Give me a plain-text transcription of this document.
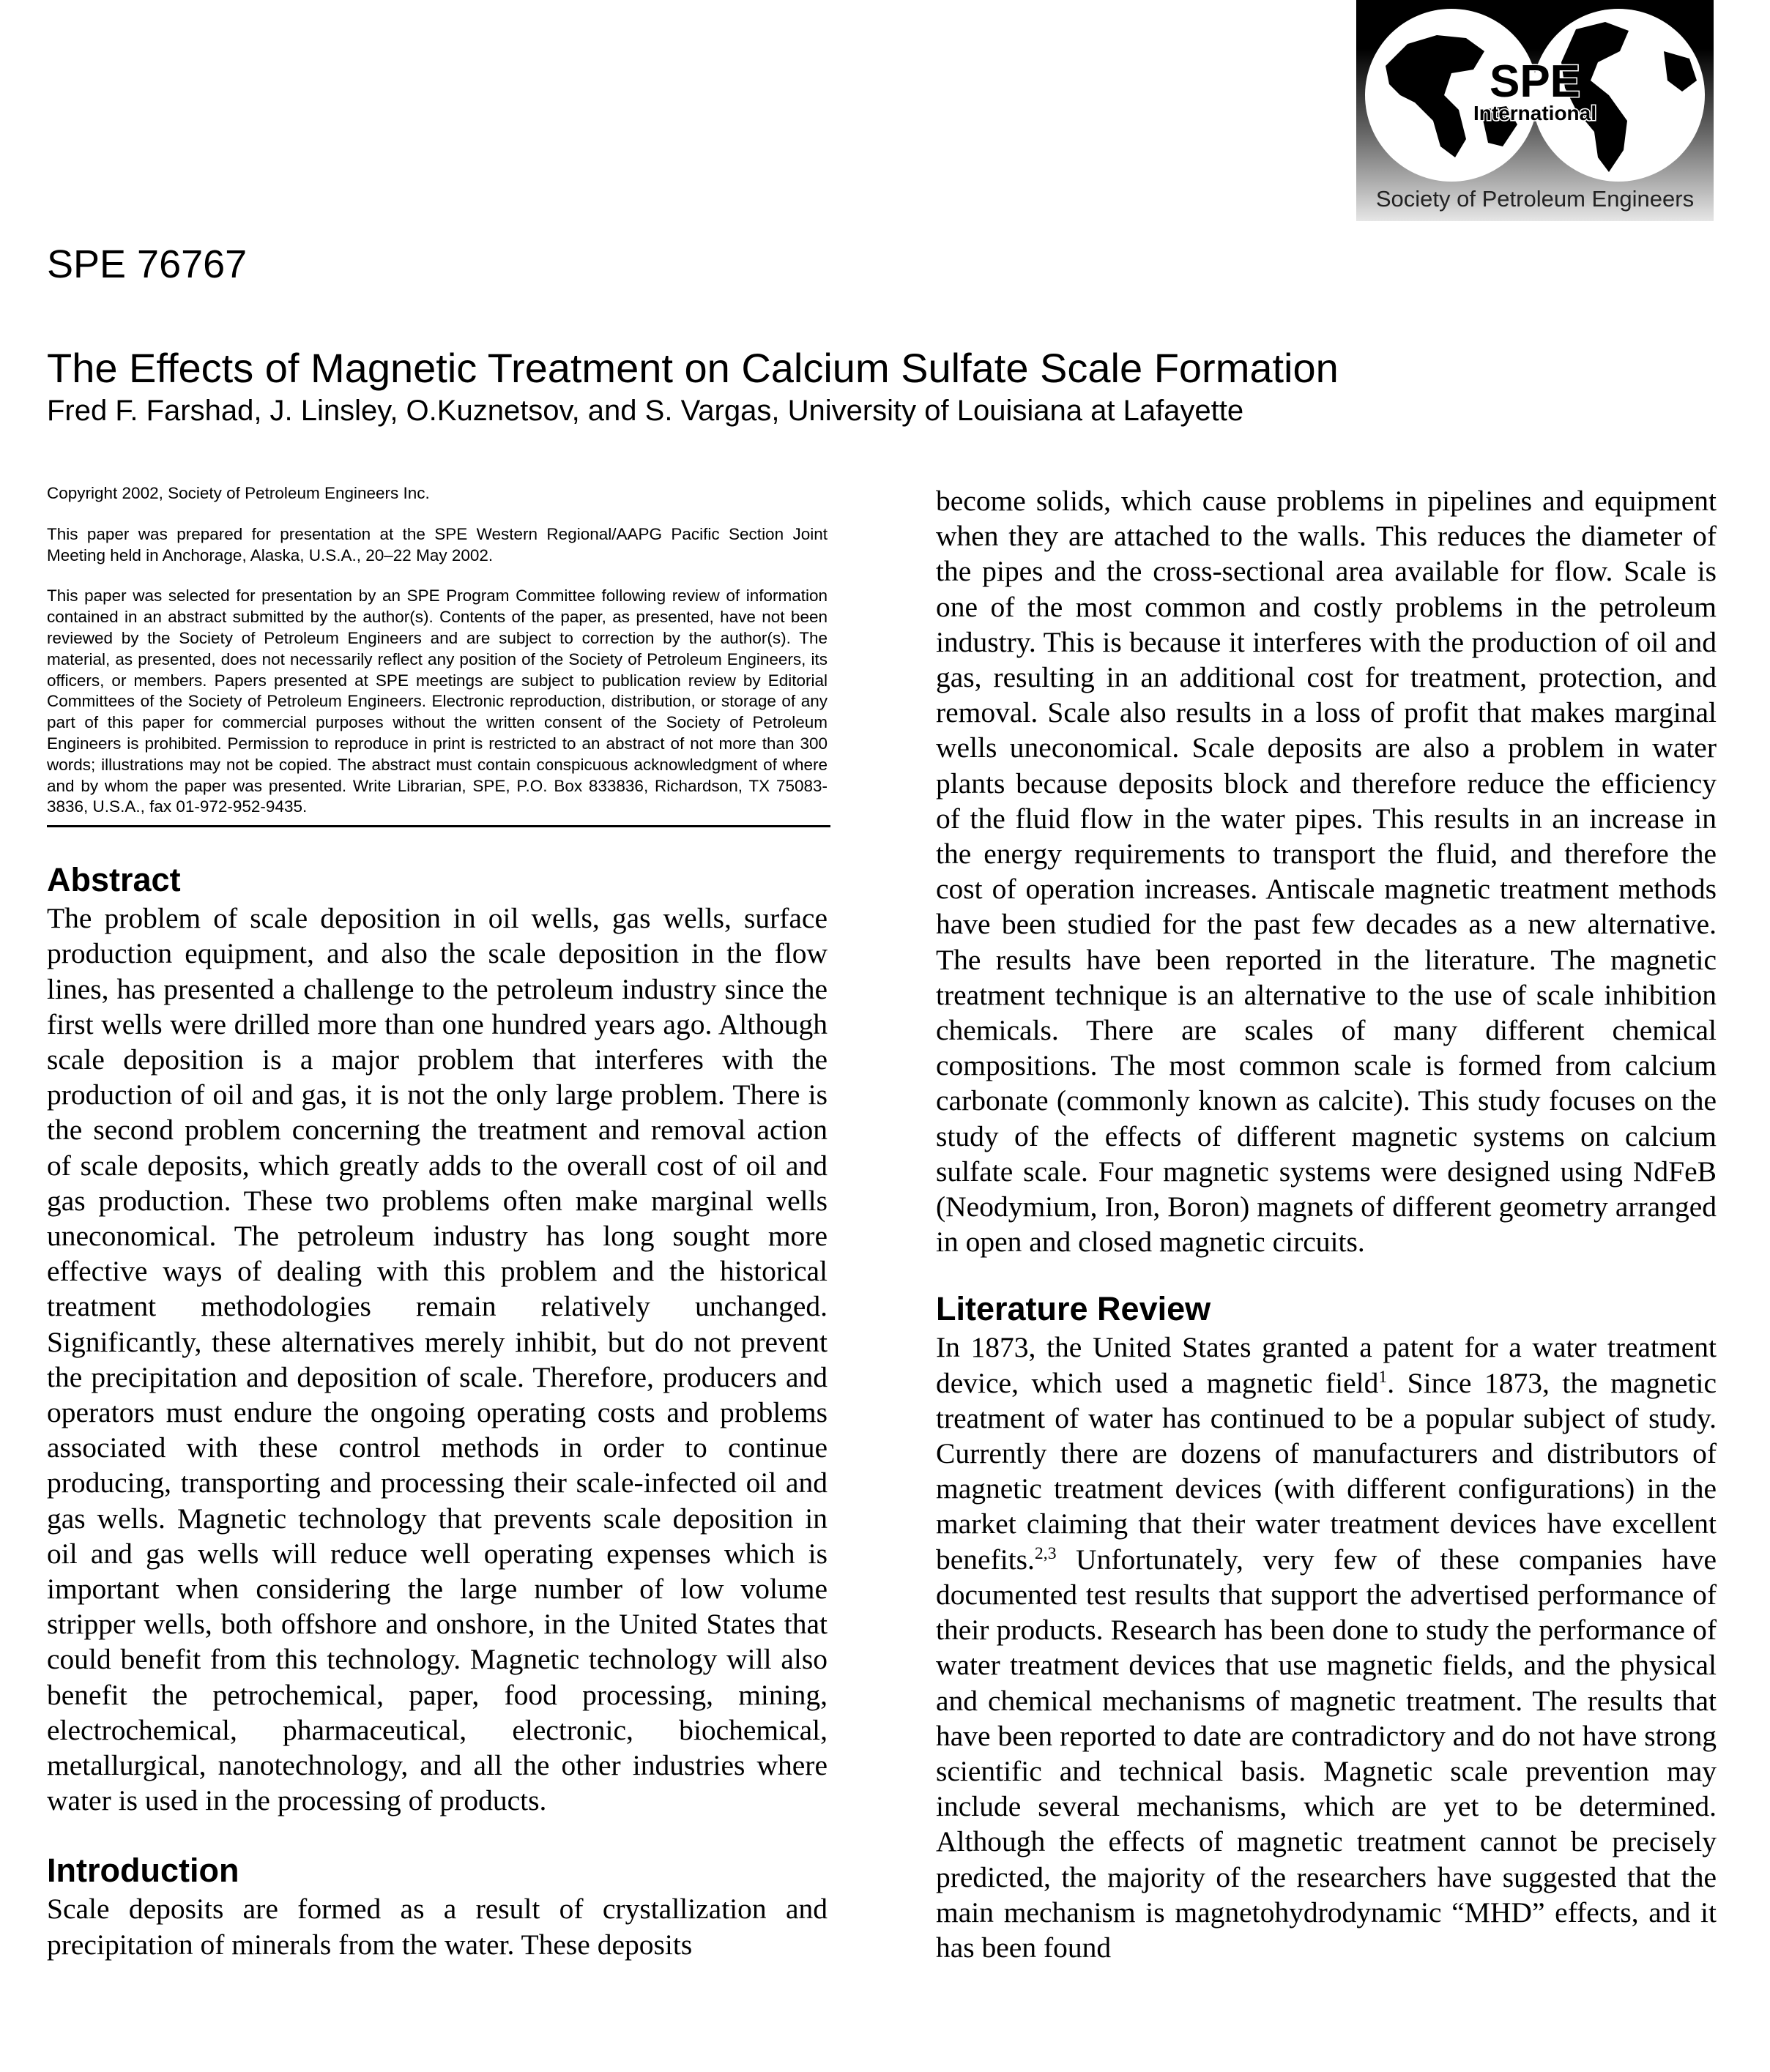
SPE
International
Society of Petroleum Engineers
SPE 76767
The Effects of Magnetic Treatment on Calcium Sulfate Scale Formation
Fred F. Farshad, J. Linsley, O.Kuznetsov, and S. Vargas, University of Louisiana at Lafayette

Copyright 2002, Society of Petroleum Engineers Inc.

This paper was prepared for presentation at the SPE Western Regional/AAPG Pacific Section Joint Meeting held in Anchorage, Alaska, U.S.A., 20–22 May 2002.

This paper was selected for presentation by an SPE Program Committee following review of information contained in an abstract submitted by the author(s). Contents of the paper, as presented, have not been reviewed by the Society of Petroleum Engineers and are subject to correction by the author(s). The material, as presented, does not necessarily reflect any position of the Society of Petroleum Engineers, its officers, or members. Papers presented at SPE meetings are subject to publication review by Editorial Committees of the Society of Petroleum Engineers. Electronic reproduction, distribution, or storage of any part of this paper for commercial purposes without the written consent of the Society of Petroleum Engineers is prohibited. Permission to reproduce in print is restricted to an abstract of not more than 300 words; illustrations may not be copied. The abstract must contain conspicuous acknowledgment of where and by whom the paper was presented. Write Librarian, SPE, P.O. Box 833836, Richardson, TX 75083-3836, U.S.A., fax 01-972-952-9435.

Abstract

The problem of scale deposition in oil wells, gas wells, surface production equipment, and also the scale deposition in the flow lines, has presented a challenge to the petroleum industry since the first wells were drilled more than one hundred years ago. Although scale deposition is a major problem that interferes with the production of oil and gas, it is not the only large problem. There is the second problem concerning the treatment and removal action of scale deposits, which greatly adds to the overall cost of oil and gas production. These two problems often make marginal wells uneconomical. The petroleum industry has long sought more effective ways of dealing with this problem and the historical treatment methodologies remain relatively unchanged. Significantly, these alternatives merely inhibit, but do not prevent the precipitation and deposition of scale. Therefore, producers and operators must endure the ongoing operating costs and problems associated with these control methods in order to continue producing, transporting and processing their scale-infected oil and gas wells. Magnetic technology that prevents scale deposition in oil and gas wells will reduce well operating expenses which is important when considering the large number of low volume stripper wells, both offshore and onshore, in the United States that could benefit from this technology. Magnetic technology will also benefit the petrochemical, paper, food processing, mining, electrochemical, pharmaceutical, electronic, biochemical, metallurgical, nanotechnology, and all the other industries where water is used in the processing of products.

Introduction

Scale deposits are formed as a result of crystallization and precipitation of minerals from the water. These deposits

become solids, which cause problems in pipelines and equipment when they are attached to the walls. This reduces the diameter of the pipes and the cross-sectional area available for flow. Scale is one of the most common and costly problems in the petroleum industry. This is because it interferes with the production of oil and gas, resulting in an additional cost for treatment, protection, and removal. Scale also results in a loss of profit that makes marginal wells uneconomical. Scale deposits are also a problem in water plants because deposits block and therefore reduce the efficiency of the fluid flow in the water pipes. This results in an increase in the energy requirements to transport the fluid, and therefore the cost of operation increases. Antiscale magnetic treatment methods have been studied for the past few decades as a new alternative. The results have been reported in the literature. The magnetic treatment technique is an alternative to the use of scale inhibition chemicals. There are scales of many different chemical compositions. The most common scale is formed from calcium carbonate (commonly known as calcite). This study focuses on the study of the effects of different magnetic systems on calcium sulfate scale. Four magnetic systems were designed using NdFeB (Neodymium, Iron, Boron) magnets of different geometry arranged in open and closed magnetic circuits.

Literature Review

In 1873, the United States granted a patent for a water treatment device, which used a magnetic field$^1$. Since 1873, the magnetic treatment of water has continued to be a popular subject of study. Currently there are dozens of manufacturers and distributors of magnetic treatment devices (with different configurations) in the market claiming that their water treatment devices have excellent benefits.$^{2,3}$ Unfortunately, very few of these companies have documented test results that support the advertised performance of their products. Research has been done to study the performance of water treatment devices that use magnetic fields, and the physical and chemical mechanisms of magnetic treatment. The results that have been reported to date are contradictory and do not have strong scientific and technical basis. Magnetic scale prevention may include several mechanisms, which are yet to be determined. Although the effects of magnetic treatment cannot be precisely predicted, the majority of the researchers have suggested that the main mechanism is magnetohydrodynamic “MHD” effects, and it has been found
